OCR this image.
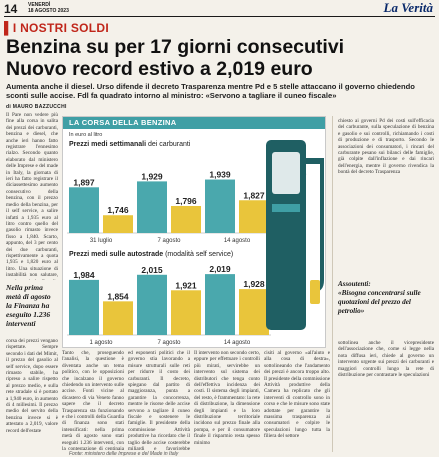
14 VENERDÌ
18 AGOSTO 2023	La Verità
▌I NOSTRI SOLDI
Benzina su per 17 giorni consecutivi
Nuovo record estivo a 2,019 euro
Aumenta anche il diesel. Urso difende il decreto Trasparenza mentre Pd e 5 stelle attaccano il governo chiedendo sconti sulle accise. Fdl fa quadrato intorno al ministro: «Servono a tagliare il cuneo fiscale»
di MAURO BAZZUCCHI
Il Pare non vedere più fine alla corsa in salita dei prezzi dei carburanti, benzina e diesel, che anche ieri hanno fatto registrare l'ennesimo rialzo. Secondo quanto elaborato dal ministero delle Imprese e del made in Italy, la giornata di ieri ha fatto registrare il diciassettesimo aumento consecutivo della benzina, con il prezzo medio della benzina, per il self service, a salire infatti a 1,935 euro al litro contro quello del gasolio rimasto invece fisso a 1,840. Scarto, appunto, del 3 per cento dei due carburanti, rispettivamente a quota 1,935 e 1,820 euro al litro. Una situazione di instabilità non salutare,
Nella prima metà di agosto la Finanza ha eseguito 1.236 interventi
corsa dei prezzi vengano rispettate. Sempre secondo i dati del Mimit, il prezzo del gasolio al self service, dopo essere rimasto stabile, ha ripreso a salire rispetto al prezzo medio, e sulla rete stradale si è portato a 1,940 euro, in aumento di 4 millesimi. Il prezzo medio del servito della benzina invece si è attestato a 2,019, valore record dell'estate
LA CORSA DELLA BENZINA
In euro al litro
Prezzi medi settimanali dei carburanti
1,897
1,746
31 luglio
1,929
1,796
7 agosto
1,939
1,827
14 agosto
Prezzi medi sulle autostrade (modalità self service)
1,984
1,854
1 agosto
2,015
1,921
7 agosto
2,019
1,928
14 agosto
Fonte: ministero delle Imprese e del Made in Italy
chiesto ai governi Pd dei costi sull'efficacia del carburante, sulla speculazione di benzina e gasolio e sui controlli, richiamando i costi di produzione e di trasporto. Secondo le associazioni dei consumatori, i rincari del carburante pesano sui bilanci delle famiglie, già colpite dall'inflazione e dai rincari dell'energia, mentre il governo rivendica la bontà del decreto Trasparenza
Assoutenti:
«Bisogna concentrarsi sulle quotazioni del prezzo del petrolio»
sottolinea anche il vicepresidente dell'associazione che, come si legge nella nota diffusa ieri, chiede al governo un intervento urgente sui prezzi dei carburanti e maggiori controlli lungo la rete di distribuzione per contrastare le speculazioni
Tanto che, proseguendo l'analisi, la questione è diventata anche un tema politico, con le opposizioni che incalzano il governo chiedendo un intervento sulle accise. Fonti vicine al dicastero di via Veneto fanno sapere che il decreto Trasparenza sta funzionando e che i controlli della Guardia di finanza sono stati intensificati: nella prima metà di agosto sono stati eseguiti 1.236 interventi, con la contestazione di centinaia
ed esponenti politici che il governo stia lavorando a misure strutturali sulle reti per ridurre il costo dei carburanti. Il decreto, spiegano dal partito di maggioranza, punta a garantire la concorrenza, mentre le risorse delle accise servono a tagliare il cuneo fiscale e sostenere le famiglie. Il presidente della commissione Attività produttive ha ricordato che il taglio delle accise costerebbe miliardi e favorirebbe
Il intervento non secondo certo, eppure per effettuare i controlli più mirati, servirebbe un intervento sul sistema dei distributori che tenga conto dell'effettiva incidenza dei costi. Il sistema degli impianti, del resto, è frammentato: la rete di distribuzione, la dimensione degli impianti e la loro distribuzione territoriale incidono sul prezzo finale alla pompa, e per il consumatore finale il risparmio resta spesso minimo
cisiti al governo «all'aiuto e alla cosa di destra», sottolineando che l'andamento dei prezzi è ancora troppo alto. Il presidente della commissione Attività produttive della Camera ha replicato che gli interventi di controllo sono in corso e che le misure sono state adottate per garantire la massima trasparenza ai consumatori e colpire le speculazioni lungo tutta la filiera del settore
